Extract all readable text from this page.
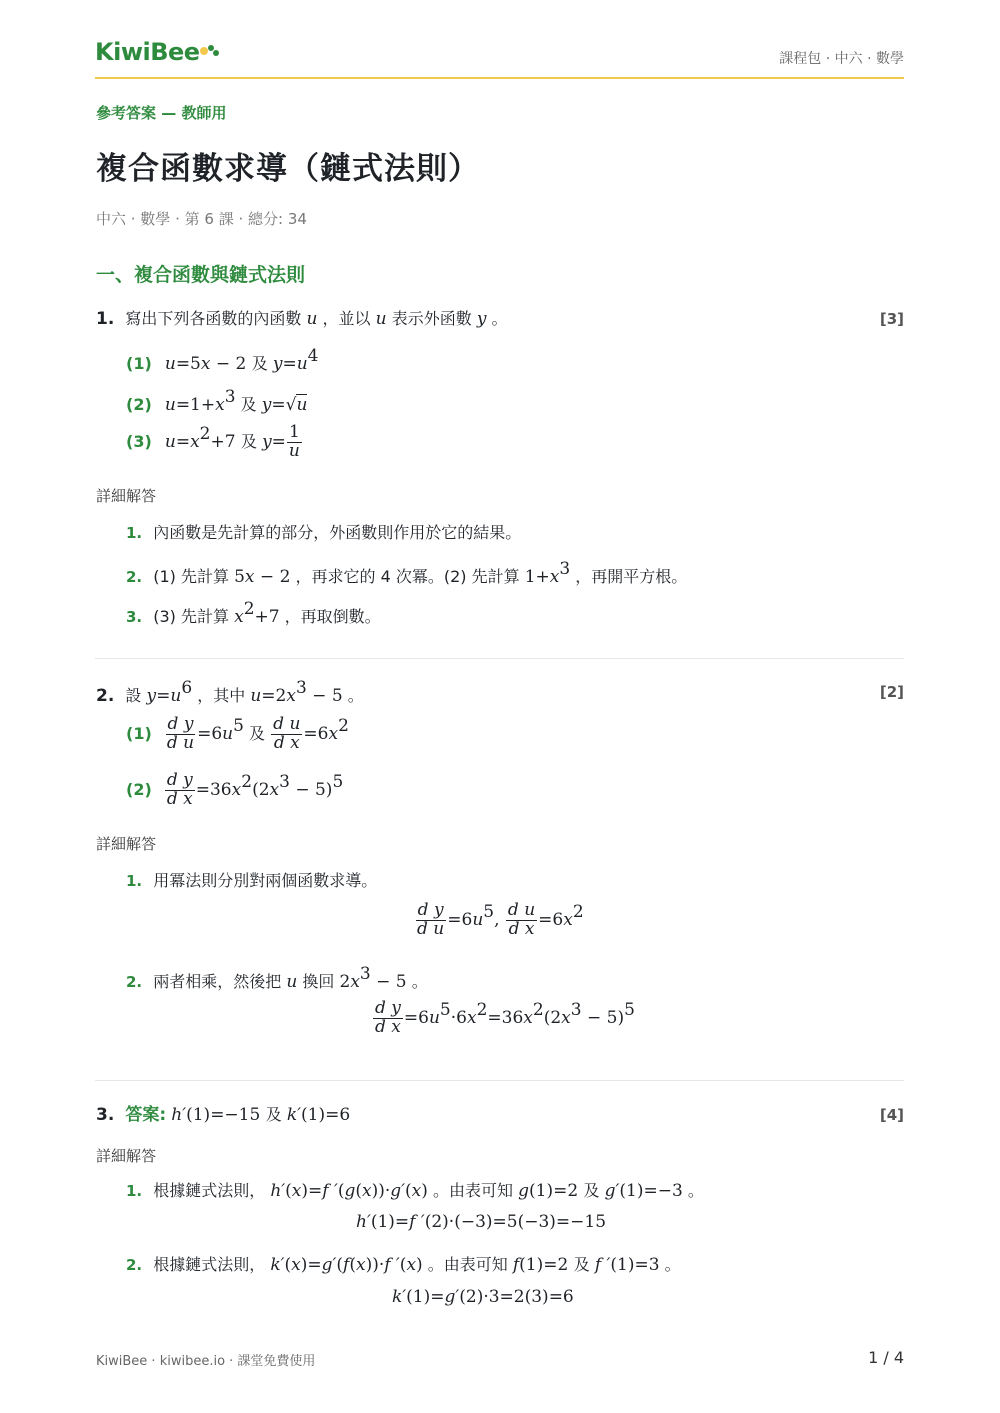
KiwiBee	課程包 · 中六 · 數學
參考答案 — 教師用
複合函數求導（鏈式法則）
中六 · 數學 · 第 6 課 · 總分: 34
一、複合函數與鏈式法則
1. 寫出下列各函數的內函數 u ，並以 u 表示外函數 y 。	[3]
(1) u=5x − 2 及 $y=u^4$
(2) $u=1+x^3$ 及 y=√u
(3) $u=x^2+7$ 及 $y= \frac{1}{u}$
詳細解答
1. 內函數是先計算的部分，外函數則作用於它的結果。
2. (1) 先計算 5x − 2 ，再求它的 4 次冪。(2) 先計算 $1+x^3$ ，再開平方根。
3. (3) 先計算 $x^2+7$ ，再取倒數。
2. 設 $y=u^6$ ，其中 $u=2x^3 - 5$ 。	[2]
$(1) \frac{\text{d y}}{\text{d u}} =6u^5$ 及 $\frac{\text{d u}}{\text{d x}} =6x^2$
$(2) \frac{\text{d y}}{\text{d x}} =36x^2(2x^3 - 5)^5$
詳細解答
1. 用冪法則分別對兩個函數求導。
$\frac{\text{d y}}{\text{d u}} =6u^5$, $\frac{\text{d u}}{\text{d x}} =6x^2$
2. 兩者相乘，然後把 u 換回 $2x^3 - 5$ 。
$\frac{\text{d y}}{\text{d x}} =6u^5\cdot 6x^2=36x^2(2x^3 - 5)^5$
3. 答案: h′(1)=−15 及 k′(1)=6	[4]
詳細解答
1. 根據鏈式法則， h′(x)=f ′(g(x))·g′(x) 。由表可知 g(1)=2 及 g′(1)=−3 。
h′(1)=f ′(2)·(−3)=5(−3)=−15
2. 根據鏈式法則， k′(x)=g′(f(x))·f ′(x) 。由表可知 f(1)=2 及 f ′(1)=3 。
k′(1)=g′(2)·3=2(3)=6
KiwiBee · kiwibee.io · 課堂免費使用	1 / 4
